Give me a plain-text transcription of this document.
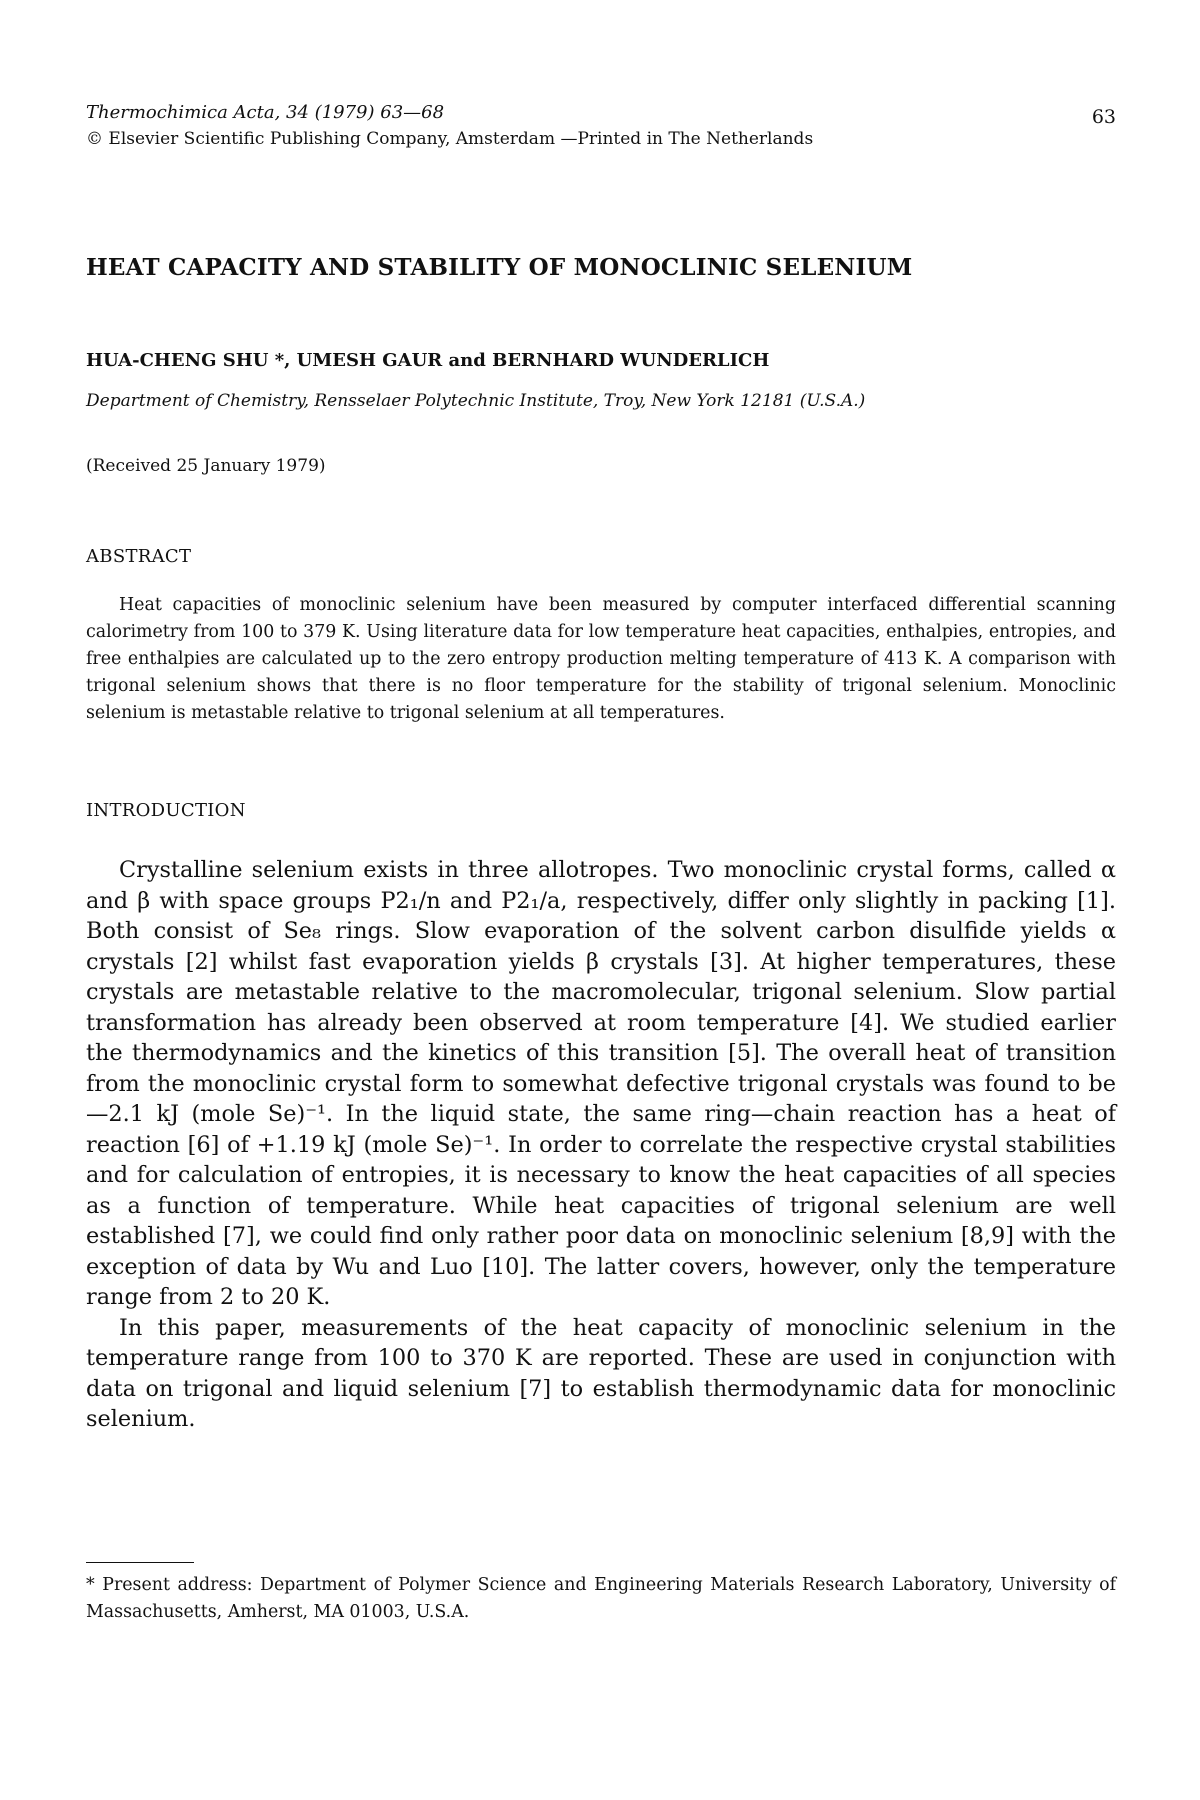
Thermochimica Acta, 34 (1979) 63—68
© Elsevier Scientific Publishing Company, Amsterdam —Printed in The Netherlands
63
HEAT CAPACITY AND STABILITY OF MONOCLINIC SELENIUM
HUA-CHENG SHU *, UMESH GAUR and BERNHARD WUNDERLICH
Department of Chemistry, Rensselaer Polytechnic Institute, Troy, New York 12181 (U.S.A.)
(Received 25 January 1979)
ABSTRACT
Heat capacities of monoclinic selenium have been measured by computer interfaced differential scanning calorimetry from 100 to 379 K. Using literature data for low temperature heat capacities, enthalpies, entropies, and free enthalpies are calculated up to the zero entropy production melting temperature of 413 K. A comparison with trigonal selenium shows that there is no floor temperature for the stability of trigonal selenium. Monoclinic selenium is metastable relative to trigonal selenium at all temperatures.
INTRODUCTION

Crystalline selenium exists in three allotropes. Two monoclinic crystal forms, called α and β with space groups P2₁/n and P2₁/a, respectively, differ only slightly in packing [1]. Both consist of Se₈ rings. Slow evaporation of the solvent carbon disulfide yields α crystals [2] whilst fast evaporation yields β crystals [3]. At higher temperatures, these crystals are metastable relative to the macromolecular, trigonal selenium. Slow partial transformation has already been observed at room temperature [4]. We studied earlier the thermodynamics and the kinetics of this transition [5]. The overall heat of transition from the monoclinic crystal form to somewhat defective trigonal crystals was found to be —2.1 kJ (mole Se)⁻¹. In the liquid state, the same ring—chain reaction has a heat of reaction [6] of +1.19 kJ (mole Se)⁻¹. In order to correlate the respective crystal stabilities and for calculation of entropies, it is necessary to know the heat capacities of all species as a function of temperature. While heat capacities of trigonal selenium are well established [7], we could find only rather poor data on monoclinic selenium [8,9] with the exception of data by Wu and Luo [10]. The latter covers, however, only the temperature range from 2 to 20 K.

In this paper, measurements of the heat capacity of monoclinic selenium in the temperature range from 100 to 370 K are reported. These are used in conjunction with data on trigonal and liquid selenium [7] to establish thermodynamic data for monoclinic selenium.

* Present address: Department of Polymer Science and Engineering Materials Research Laboratory, University of Massachusetts, Amherst, MA 01003, U.S.A.
